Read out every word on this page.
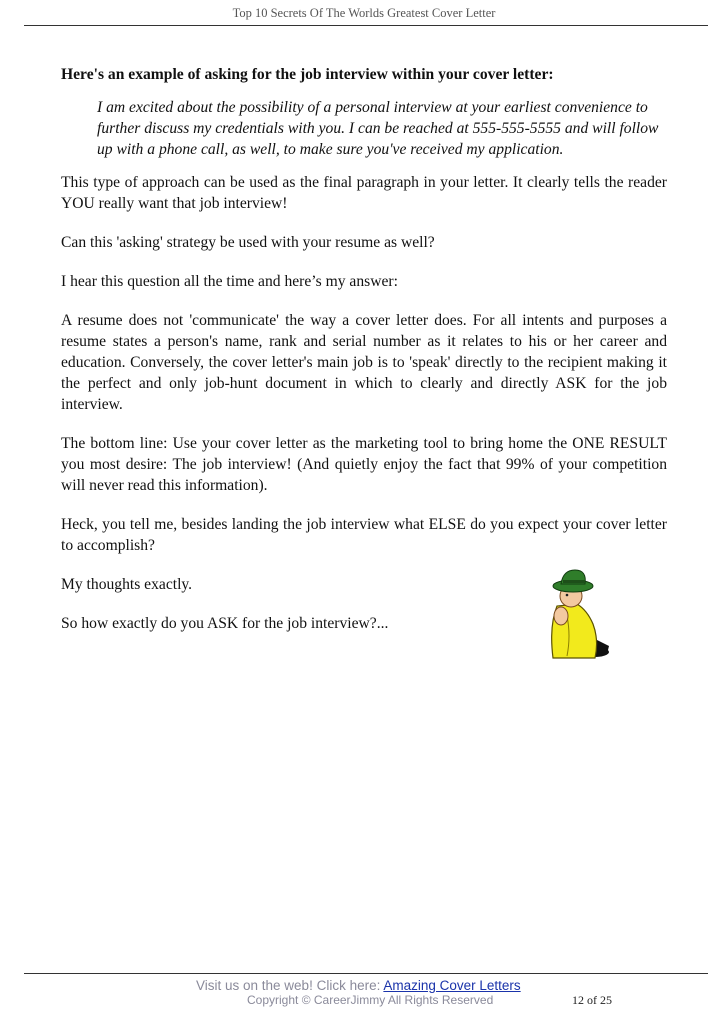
Top 10 Secrets Of The Worlds Greatest Cover Letter

Here's an example of asking for the job interview within your cover letter:

I am excited about the possibility of a personal interview at your earliest convenience to further discuss my credentials with you. I can be reached at 555-555-5555 and will follow up with a phone call, as well, to make sure you've received my application.

This type of approach can be used as the final paragraph in your letter. It clearly tells the reader YOU really want that job interview!

Can this 'asking' strategy be used with your resume as well?

I hear this question all the time and here’s my answer:

A resume does not 'communicate' the way a cover letter does. For all intents and purposes a resume states a person's name, rank and serial number as it relates to his or her career and education. Conversely, the cover letter's main job is to 'speak' directly to the recipient making it the perfect and only job-hunt document in which to clearly and directly ASK for the job interview.

The bottom line: Use your cover letter as the marketing tool to bring home the ONE RESULT you most desire: The job interview! (And quietly enjoy the fact that 99% of your competition will never read this information).

Heck, you tell me, besides landing the job interview what ELSE do you expect your cover letter to accomplish?

My thoughts exactly.

So how exactly do you ASK for the job interview?...

Visit us on the web! Click here: Amazing Cover Letters
Copyright © CareerJimmy All Rights Reserved	12 of 25
